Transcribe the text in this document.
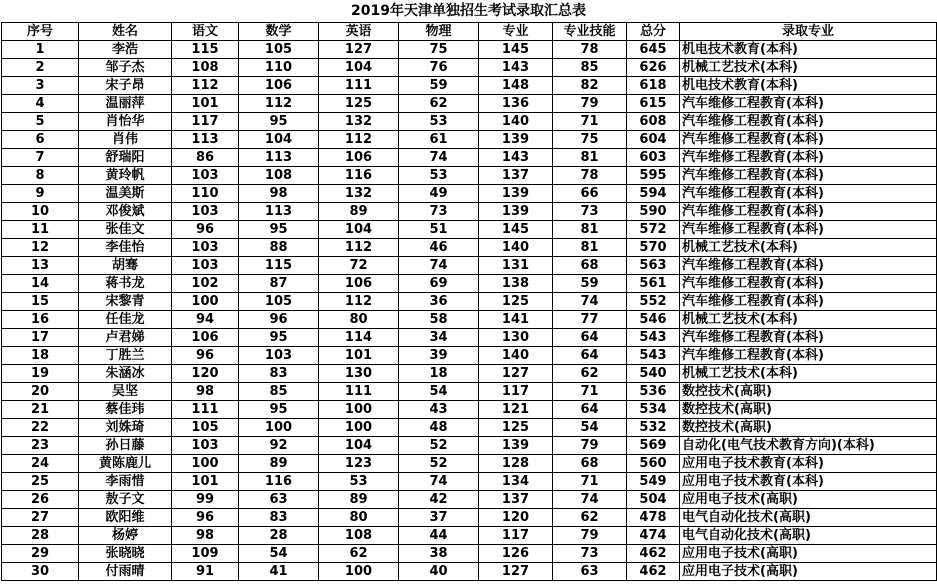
2019年天津单独招生考试录取汇总表
序号	姓名	语文	数学	英语	物理	专业	专业技能	总分	录取专业
1	李浩	115	105	127	75	145	78	645	机电技术教育(本科)
2	邹子杰	108	110	104	76	143	85	626	机械工艺技术(本科)
3	宋子昂	112	106	111	59	148	82	618	机电技术教育(本科)
4	温丽萍	101	112	125	62	136	79	615	汽车维修工程教育(本科)
5	肖怡华	117	95	132	53	140	71	608	汽车维修工程教育(本科)
6	肖伟	113	104	112	61	139	75	604	汽车维修工程教育(本科)
7	舒瑞阳	86	113	106	74	143	81	603	汽车维修工程教育(本科)
8	黄玲帆	103	108	116	53	137	78	595	汽车维修工程教育(本科)
9	温美斯	110	98	132	49	139	66	594	汽车维修工程教育(本科)
10	邓俊斌	103	113	89	73	139	73	590	汽车维修工程教育(本科)
11	张佳文	96	95	104	51	145	81	572	汽车维修工程教育(本科)
12	李佳怡	103	88	112	46	140	81	570	机械工艺技术(本科)
13	胡骞	103	115	72	74	131	68	563	汽车维修工程教育(本科)
14	蒋书龙	102	87	106	69	138	59	561	汽车维修工程教育(本科)
15	宋黎青	100	105	112	36	125	74	552	汽车维修工程教育(本科)
16	任佳龙	94	96	80	58	141	77	546	机械工艺技术(本科)
17	卢君娣	106	95	114	34	130	64	543	汽车维修工程教育(本科)
18	丁胜兰	96	103	101	39	140	64	543	汽车维修工程教育(本科)
19	朱涵冰	120	83	130	18	127	62	540	机械工艺技术(本科)
20	吴坚	98	85	111	54	117	71	536	数控技术(高职)
21	蔡佳玮	111	95	100	43	121	64	534	数控技术(高职)
22	刘姝琦	105	100	100	48	125	54	532	数控技术(高职)
23	孙日藤	103	92	104	52	139	79	569	自动化(电气技术教育方向)(本科)
24	黄陈鹿儿	100	89	123	52	128	68	560	应用电子技术教育(本科)
25	李雨惜	101	116	53	74	134	71	549	应用电子技术教育(本科)
26	敖子文	99	63	89	42	137	74	504	应用电子技术(高职)
27	欧阳维	96	83	80	37	120	62	478	电气自动化技术(高职)
28	杨婷	98	28	108	44	117	79	474	电气自动化技术(高职)
29	张晓晓	109	54	62	38	126	73	462	应用电子技术(高职)
30	付雨晴	91	41	100	40	127	63	462	应用电子技术(高职)
